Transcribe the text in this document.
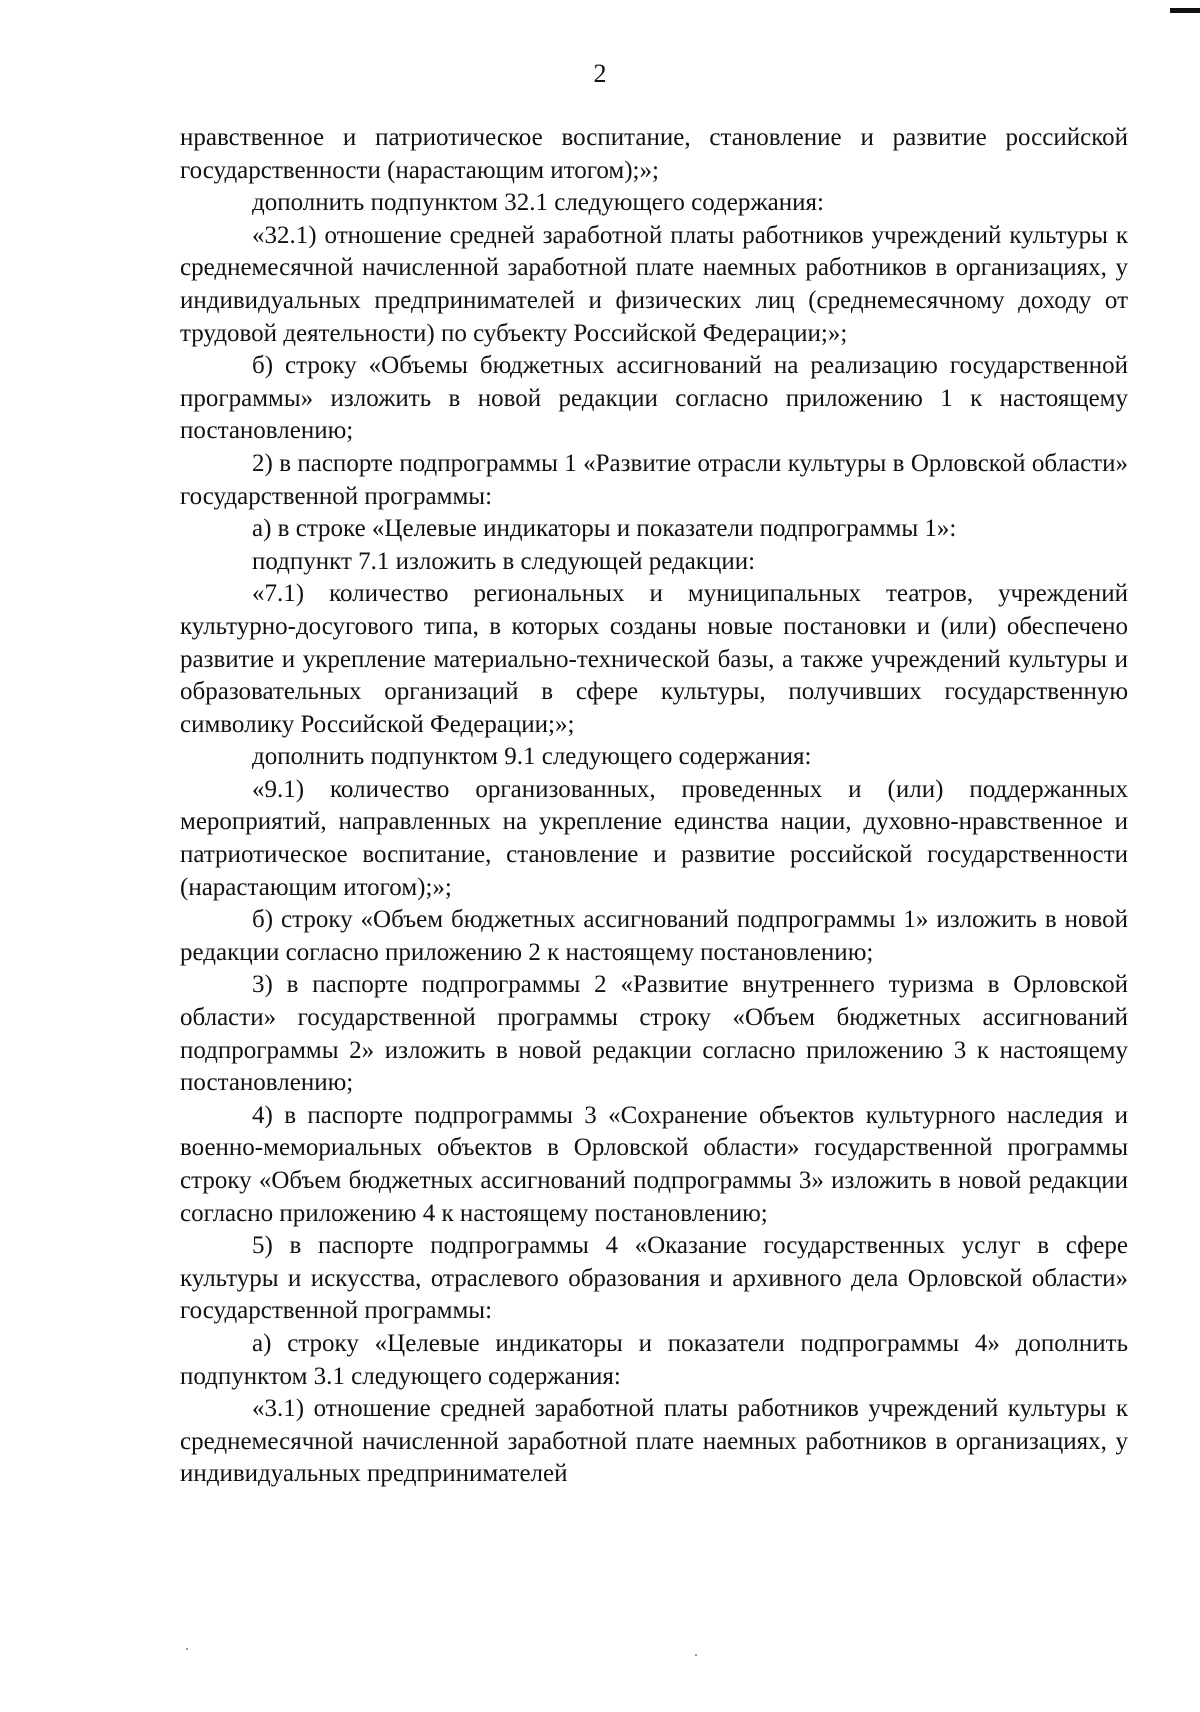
2

нравственное и патриотическое воспитание, становление и развитие российской государственности (нарастающим итогом);»;

дополнить подпунктом 32.1 следующего содержания:

«32.1) отношение средней заработной платы работников учреждений культуры к среднемесячной начисленной заработной плате наемных работников в организациях, у индивидуальных предпринимателей и физических лиц (среднемесячному доходу от трудовой деятельности) по субъекту Российской Федерации;»;

б) строку «Объемы бюджетных ассигнований на реализацию государственной программы» изложить в новой редакции согласно приложению 1 к настоящему постановлению;

2) в паспорте подпрограммы 1 «Развитие отрасли культуры в Орловской области» государственной программы:

а) в строке «Целевые индикаторы и показатели подпрограммы 1»:

подпункт 7.1 изложить в следующей редакции:

«7.1) количество региональных и муниципальных театров, учреждений культурно-досугового типа, в которых созданы новые постановки и (или) обеспечено развитие и укрепление материально-технической базы, а также учреждений культуры и образовательных организаций в сфере культуры, получивших государственную символику Российской Федерации;»;

дополнить подпунктом 9.1 следующего содержания:

«9.1) количество организованных, проведенных и (или) поддержанных мероприятий, направленных на укрепление единства нации, духовно-нравственное и патриотическое воспитание, становление и развитие российской государственности (нарастающим итогом);»;

б) строку «Объем бюджетных ассигнований подпрограммы 1» изложить в новой редакции согласно приложению 2 к настоящему постановлению;

3) в паспорте подпрограммы 2 «Развитие внутреннего туризма в Орловской области» государственной программы строку «Объем бюджетных ассигнований подпрограммы 2» изложить в новой редакции согласно приложению 3 к настоящему постановлению;

4) в паспорте подпрограммы 3 «Сохранение объектов культурного наследия и военно-мемориальных объектов в Орловской области» государственной программы строку «Объем бюджетных ассигнований подпрограммы 3» изложить в новой редакции согласно приложению 4 к настоящему постановлению;

5) в паспорте подпрограммы 4 «Оказание государственных услуг в сфере культуры и искусства, отраслевого образования и архивного дела Орловской области» государственной программы:

а) строку «Целевые индикаторы и показатели подпрограммы 4» дополнить подпунктом 3.1 следующего содержания:

«3.1) отношение средней заработной платы работников учреждений культуры к среднемесячной начисленной заработной плате наемных работников в организациях, у индивидуальных предпринимателей
